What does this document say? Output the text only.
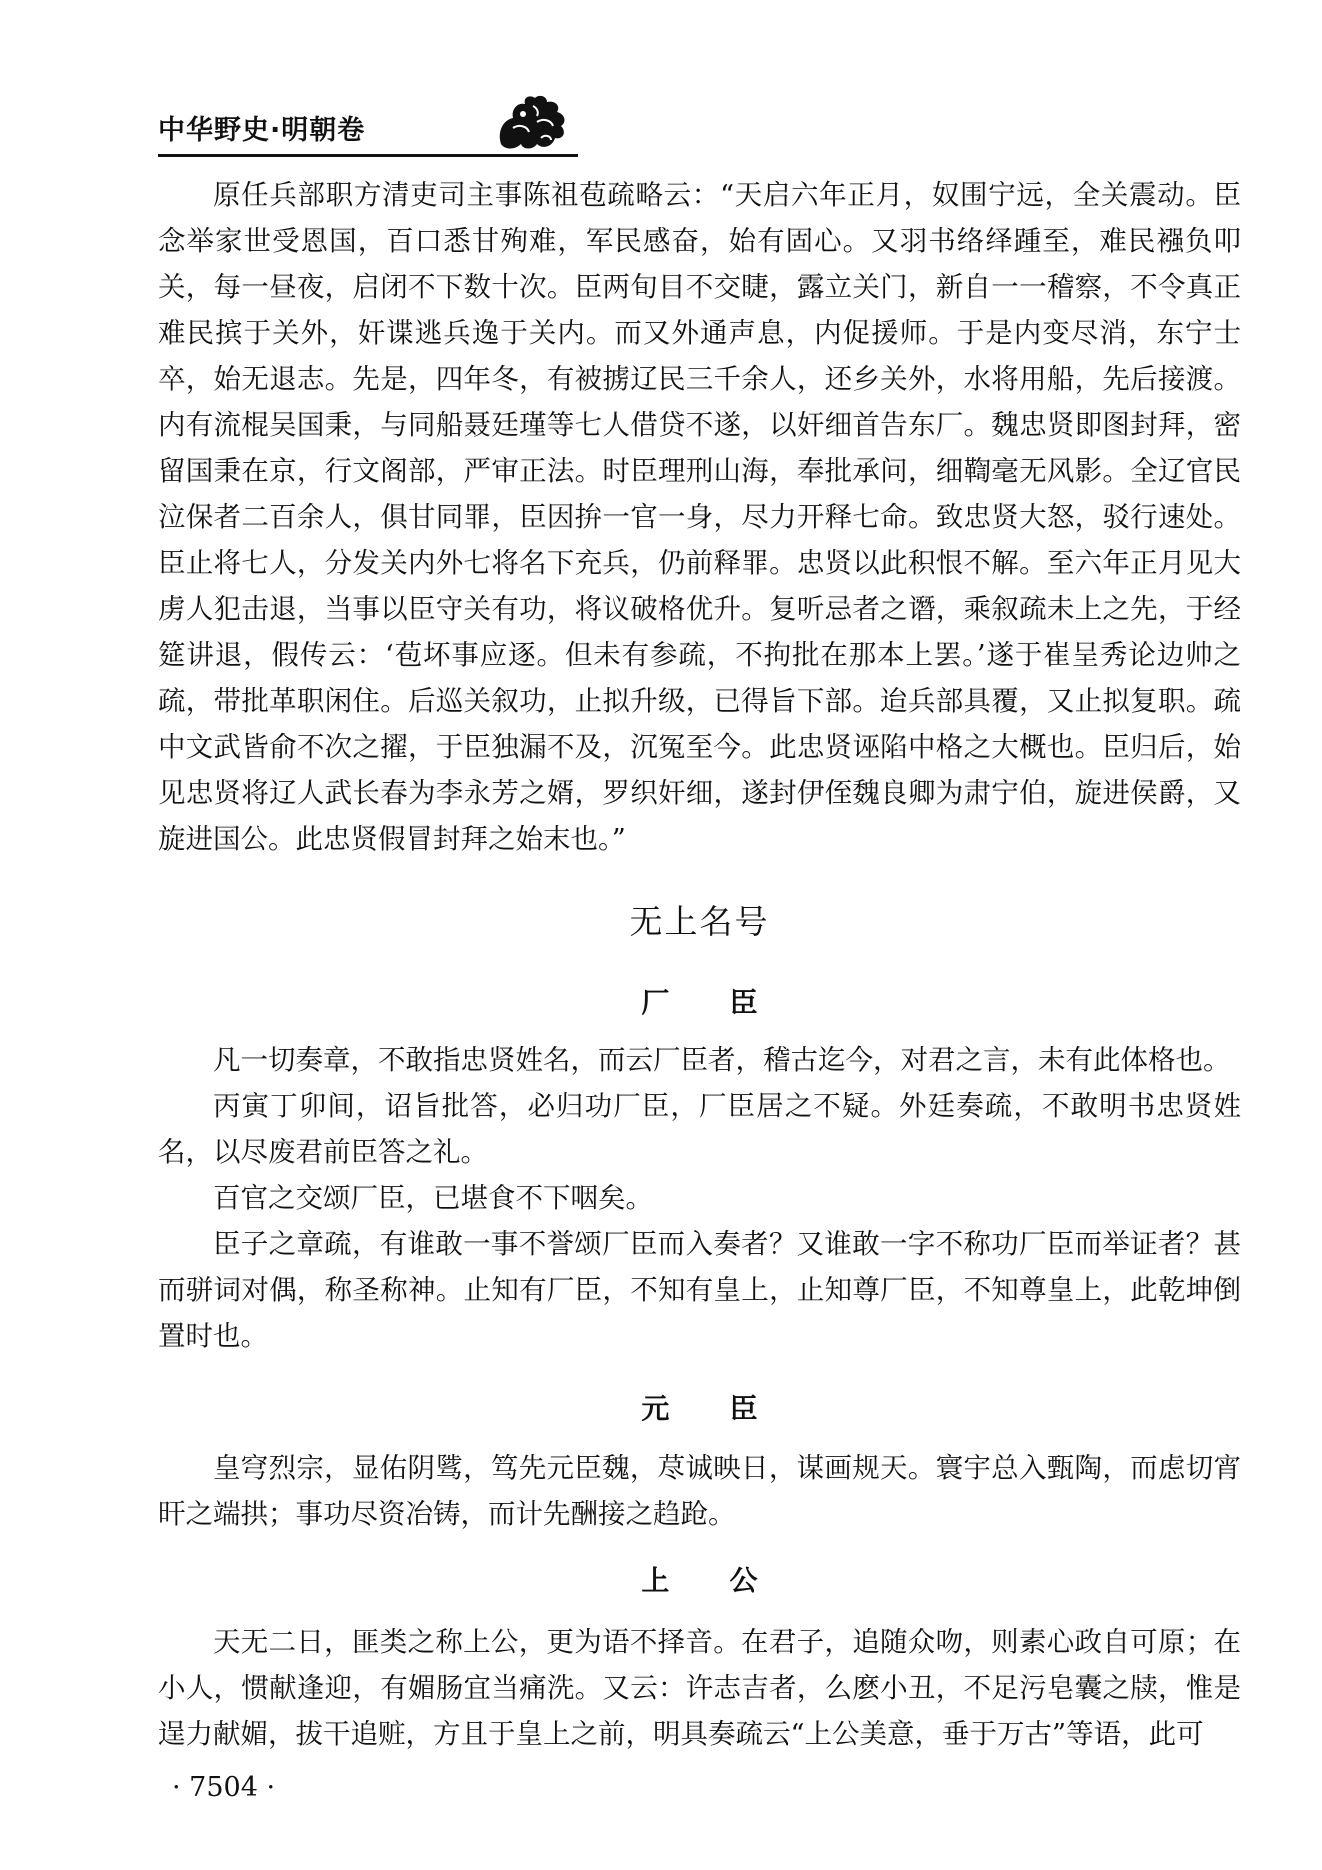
中华野史·明朝卷

原任兵部职方清吏司主事陈祖苞疏略云：“天启六年正月，奴围宁远，全关震动。臣念举家世受恩国，百口悉甘殉难，军民感奋，始有固心。又羽书络绎踵至，难民襁负叩关，每一昼夜，启闭不下数十次。臣两旬目不交睫，露立关门，新自一一稽察，不令真正难民摈于关外，奸谍逃兵逸于关内。而又外通声息，内促援师。于是内变尽消，东宁士卒，始无退志。先是，四年冬，有被掳辽民三千余人，还乡关外，水将用船，先后接渡。内有流棍吴国秉，与同船聂廷瑾等七人借贷不遂，以奸细首告东厂。魏忠贤即图封拜，密留国秉在京，行文阁部，严审正法。时臣理刑山海，奉批承问，细鞫毫无风影。全辽官民泣保者二百余人，俱甘同罪，臣因拚一官一身，尽力开释七命。致忠贤大怒，驳行速处。臣止将七人，分发关内外七将名下充兵，仍前释罪。忠贤以此积恨不解。至六年正月见大虏人犯击退，当事以臣守关有功，将议破格优升。复听忌者之谮，乘叙疏未上之先，于经筵讲退，假传云：‘苞坏事应逐。但未有参疏，不拘批在那本上罢。’遂于崔呈秀论边帅之疏，带批革职闲住。后巡关叙功，止拟升级，已得旨下部。迨兵部具覆，又止拟复职。疏中文武皆俞不次之擢，于臣独漏不及，沉冤至今。此忠贤诬陷中格之大概也。臣归后，始见忠贤将辽人武长春为李永芳之婿，罗织奸细，遂封伊侄魏良卿为肃宁伯，旋进侯爵，又旋进国公。此忠贤假冒封拜之始末也。”

无上名号
厂 臣

凡一切奏章，不敢指忠贤姓名，而云厂臣者，稽古迄今，对君之言，未有此体格也。

丙寅丁卯间，诏旨批答，必归功厂臣，厂臣居之不疑。外廷奏疏，不敢明书忠贤姓名，以尽废君前臣答之礼。

百官之交颂厂臣，已堪食不下咽矣。

臣子之章疏，有谁敢一事不誉颂厂臣而入奏者？又谁敢一字不称功厂臣而举证者？甚而骈词对偶，称圣称神。止知有厂臣，不知有皇上，止知尊厂臣，不知尊皇上，此乾坤倒置时也。

元 臣

皇穹烈宗，显佑阴骘，笃先元臣魏，荩诚映日，谋画规天。寰宇总入甄陶，而虑切宵旰之端拱；事功尽资冶铸，而计先酬接之趋跄。

上 公

天无二日，匪类之称上公，更为语不择音。在君子，追随众吻，则素心政自可原；在小人，惯献逢迎，有媚肠宜当痛洗。又云：许志吉者，么麽小丑，不足污皂囊之牍，惟是逞力献媚，拔干追赃，方且于皇上之前，明具奏疏云“上公美意，垂于万古”等语，此可

· 7504 ·
